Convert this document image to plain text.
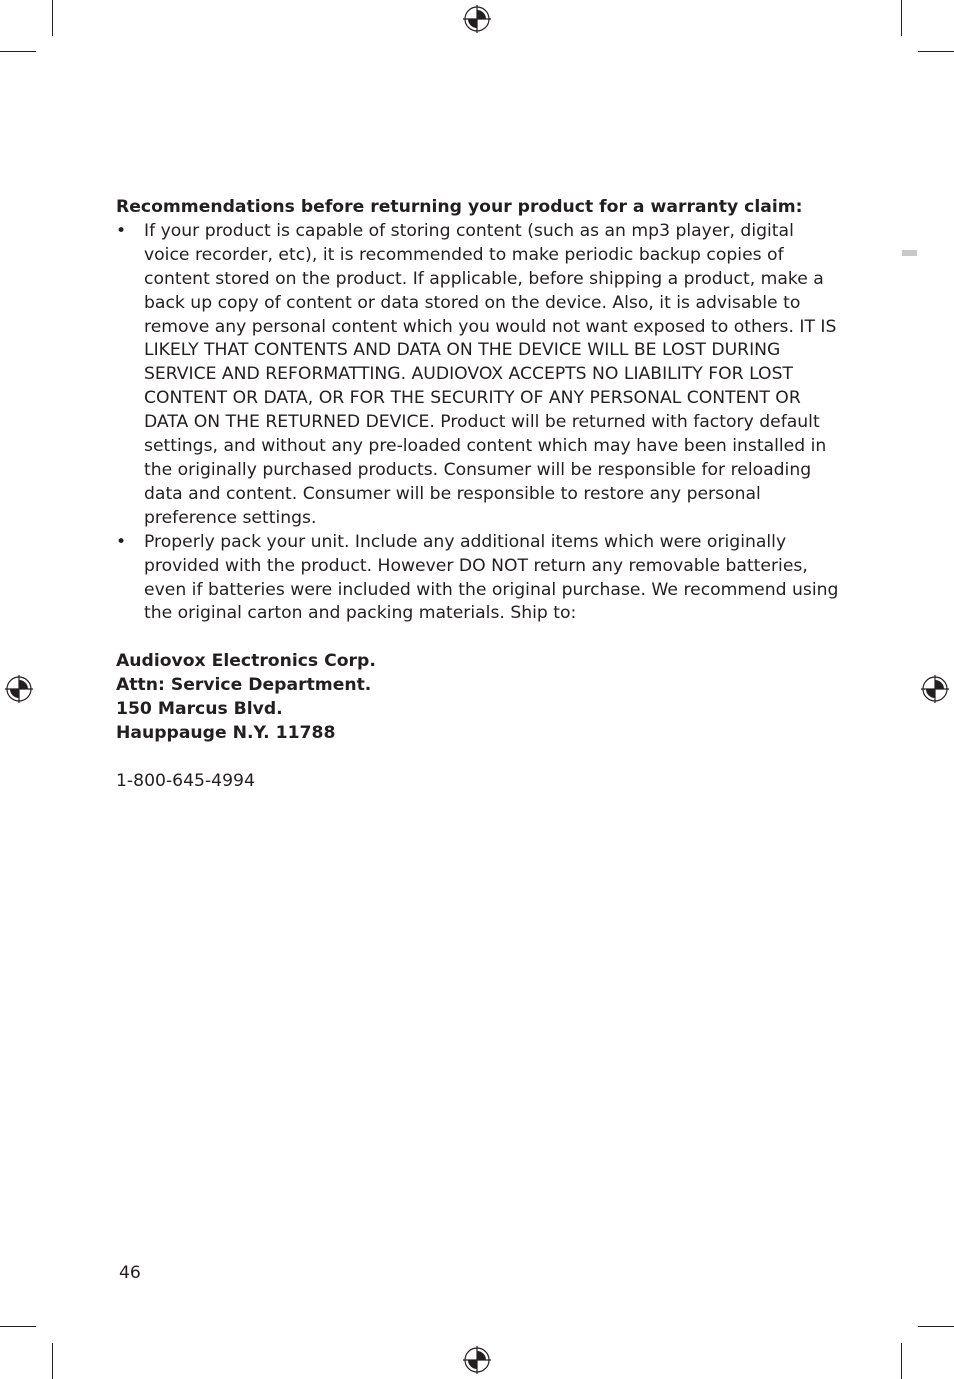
Recommendations before returning your product for a warranty claim:

• If your product is capable of storing content (such as an mp3 player, digital voice recorder, etc), it is recommended to make periodic backup copies of content stored on the product. If applicable, before shipping a product, make a back up copy of content or data stored on the device. Also, it is advisable to remove any personal content which you would not want exposed to others. IT IS LIKELY THAT CONTENTS AND DATA ON THE DEVICE WILL BE LOST DURING SERVICE AND REFORMATTING. AUDIOVOX ACCEPTS NO LIABILITY FOR LOST CONTENT OR DATA, OR FOR THE SECURITY OF ANY PERSONAL CONTENT OR DATA ON THE RETURNED DEVICE. Product will be returned with factory default settings, and without any pre-loaded content which may have been installed in the originally purchased products. Consumer will be responsible for reloading data and content. Consumer will be responsible to restore any personal preference settings.
• Properly pack your unit. Include any additional items which were originally provided with the product. However DO NOT return any removable batteries, even if batteries were included with the original purchase. We recommend using the original carton and packing materials. Ship to:
Audiovox Electronics Corp.
Attn: Service Department.
150 Marcus Blvd.
Hauppauge N.Y. 11788
1-800-645-4994
46
